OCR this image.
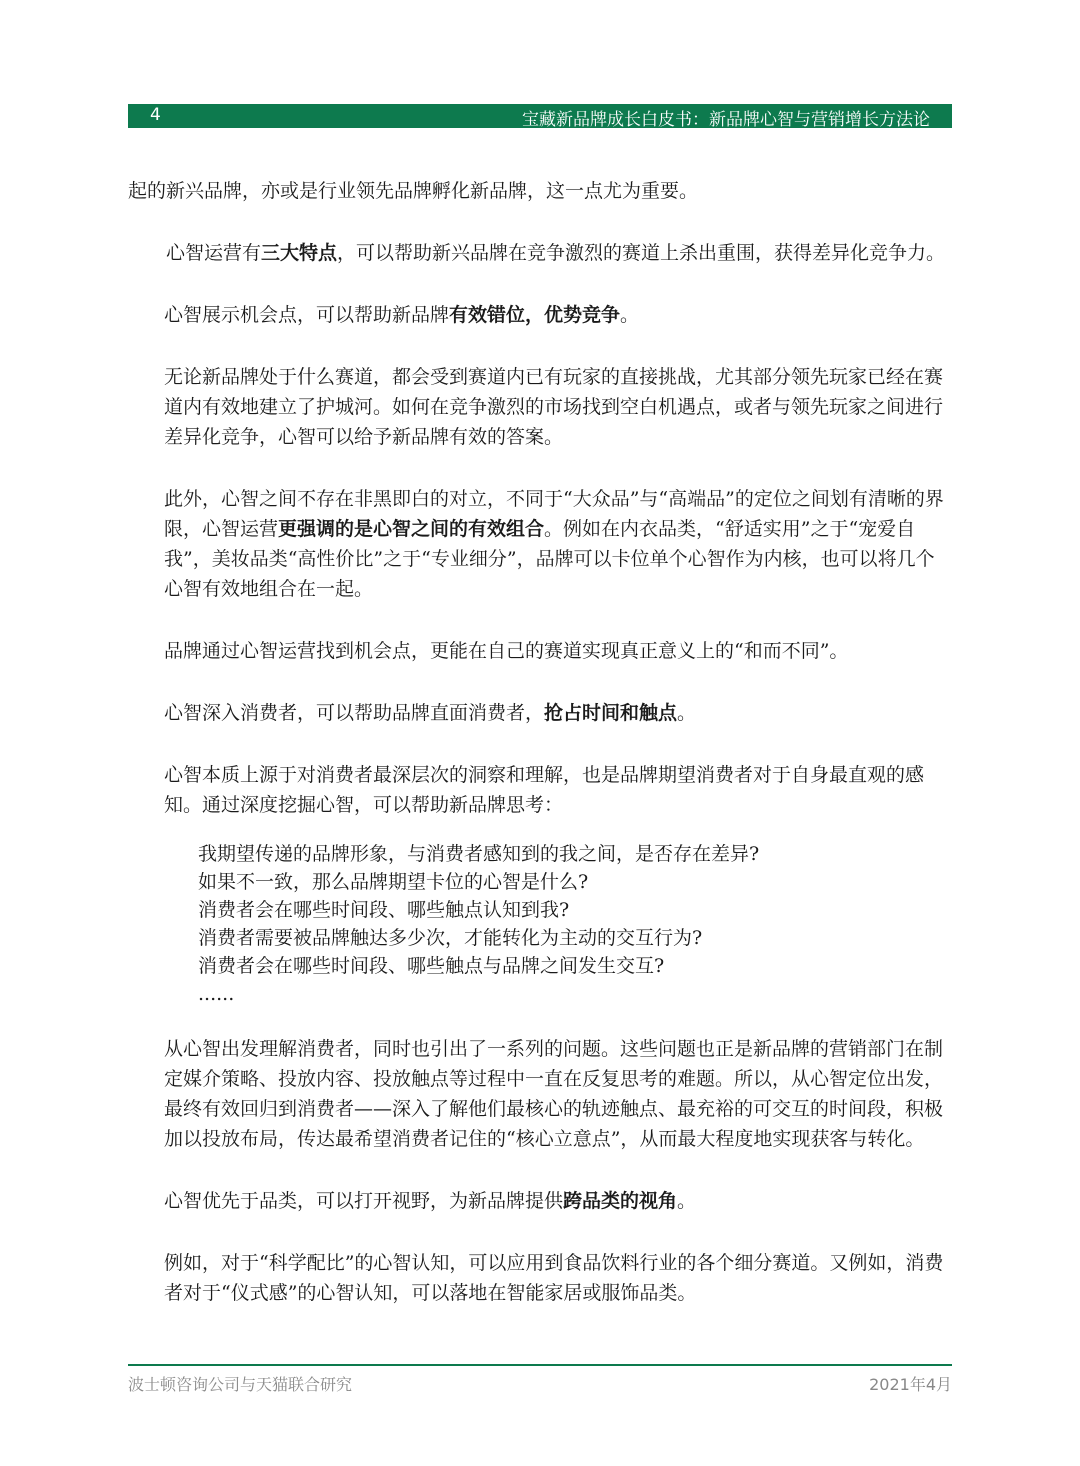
4	宝藏新品牌成长白皮书：新品牌心智与营销增长方法论

起的新兴品牌，亦或是行业领先品牌孵化新品牌，这一点尤为重要。

心智运营有三大特点，可以帮助新兴品牌在竞争激烈的赛道上杀出重围，获得差异化竞争力。

心智展示机会点，可以帮助新品牌有效错位，优势竞争。

无论新品牌处于什么赛道，都会受到赛道内已有玩家的直接挑战，尤其部分领先玩家已经在赛道内有效地建立了护城河。如何在竞争激烈的市场找到空白机遇点，或者与领先玩家之间进行差异化竞争，心智可以给予新品牌有效的答案。

此外，心智之间不存在非黑即白的对立，不同于“大众品”与“高端品”的定位之间划有清晰的界限，心智运营更强调的是心智之间的有效组合。例如在内衣品类，“舒适实用”之于“宠爱自我”，美妆品类“高性价比”之于“专业细分”，品牌可以卡位单个心智作为内核，也可以将几个心智有效地组合在一起。

品牌通过心智运营找到机会点，更能在自己的赛道实现真正意义上的“和而不同”。

心智深入消费者，可以帮助品牌直面消费者，抢占时间和触点。

心智本质上源于对消费者最深层次的洞察和理解，也是品牌期望消费者对于自身最直观的感知。通过深度挖掘心智，可以帮助新品牌思考：

我期望传递的品牌形象，与消费者感知到的我之间，是否存在差异?
如果不一致，那么品牌期望卡位的心智是什么?
消费者会在哪些时间段、哪些触点认知到我?
消费者需要被品牌触达多少次，才能转化为主动的交互行为?
消费者会在哪些时间段、哪些触点与品牌之间发生交互?
......

从心智出发理解消费者，同时也引出了一系列的问题。这些问题也正是新品牌的营销部门在制定媒介策略、投放内容、投放触点等过程中一直在反复思考的难题。所以，从心智定位出发，最终有效回归到消费者——深入了解他们最核心的轨迹触点、最充裕的可交互的时间段，积极加以投放布局，传达最希望消费者记住的“核心立意点”，从而最大程度地实现获客与转化。

心智优先于品类，可以打开视野，为新品牌提供跨品类的视角。

例如，对于“科学配比”的心智认知，可以应用到食品饮料行业的各个细分赛道。又例如，消费者对于“仪式感”的心智认知，可以落地在智能家居或服饰品类。

波士顿咨询公司与天猫联合研究	2021年4月
